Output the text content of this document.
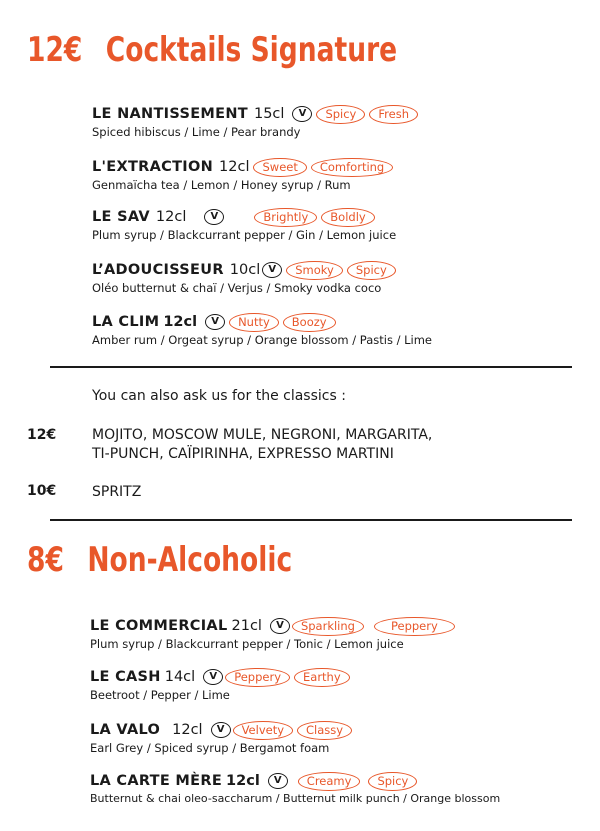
12€ Cocktails Signature
LE NANTISSEMENT 15cl	V	Spicy	Fresh
Spiced hibiscus / Lime / Pear brandy
L'EXTRACTION 12cl	Sweet	Comforting
Genmaïcha tea / Lemon / Honey syrup / Rum
LE SAV 12cl	V	Brightly	Boldly
Plum syrup / Blackcurrant pepper / Gin / Lemon juice
L’ADOUCISSEUR 10cl V	Smoky	Spicy
Oléo butternut & chaï / Verjus / Smoky vodka coco
LA CLIM 12cl	V	Nutty	Boozy
Amber rum / Orgeat syrup / Orange blossom / Pastis / Lime
You can also ask us for the classics :
12€	MOJITO, MOSCOW MULE, NEGRONI, MARGARITA,
TI-PUNCH, CAÏPIRINHA, EXPRESSO MARTINI
10€	SPRITZ
8€ Non-Alcoholic
LE COMMERCIAL 21cl	V	Sparkling	Peppery
Plum syrup / Blackcurrant pepper / Tonic / Lemon juice
LE CASH 14cl	V	Peppery	Earthy
Beetroot / Pepper / Lime
LA VALO 12cl	V	Velvety	Classy
Earl Grey / Spiced syrup / Bergamot foam
LA CARTE MÈRE 12cl	V	Creamy	Spicy
Butternut & chai oleo-saccharum / Butternut milk punch / Orange blossom
